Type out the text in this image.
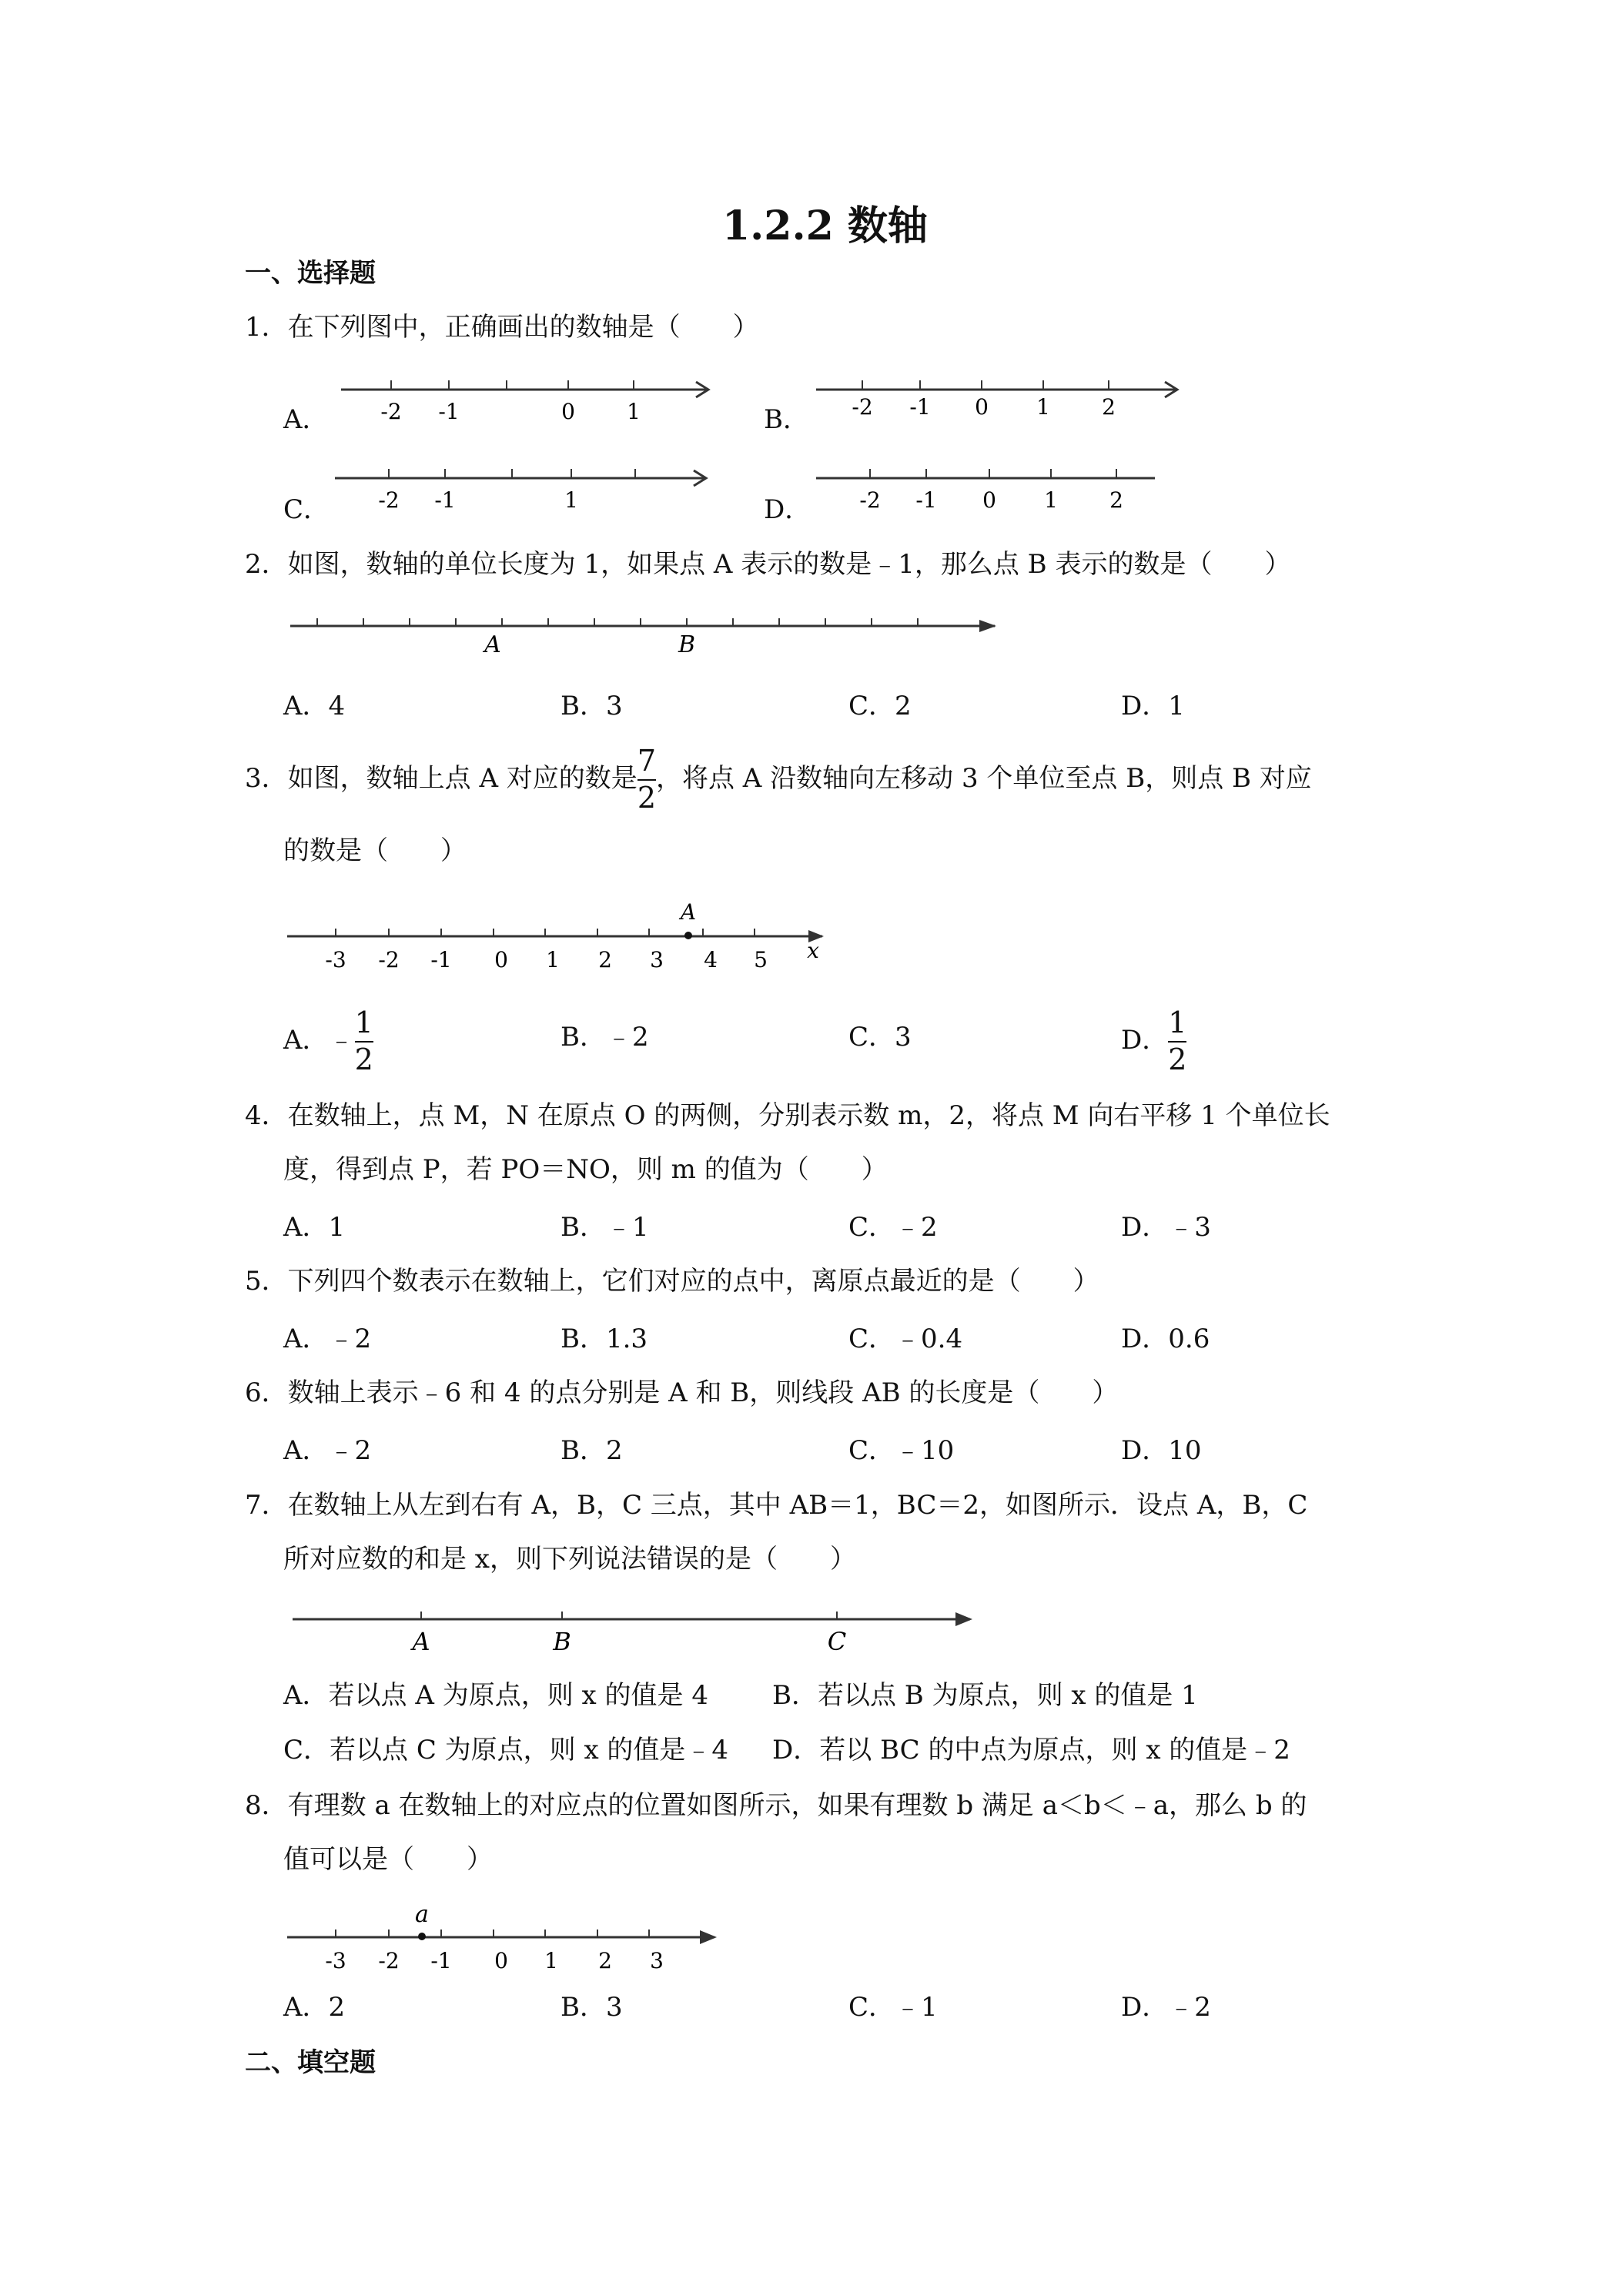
1.2.2 数轴
一、选择题
1．在下列图中，正确画出的数轴是（　　）
A．	B．
C．	D．
-2 -1	0 1	-2 -1 0 1 2
-2 -1	1	-2 -1 0 1 2
2．如图，数轴的单位长度为 1，如果点 A 表示的数是﹣1，那么点 B 表示的数是（　　）
A	B
A．4	B．3	C．2	D．1
3．如图，数轴上点 A 对应的数是 $\frac{7}{2}$ ，将点 A 沿数轴向左移动 3 个单位至点 B，则点 B 对应
的数是（　　）
A
-3 -2 -1 0 1 2 3 4 5 x
A．﹣ $\frac{1}{2}$	B．﹣2	C．3	D． $\frac{1}{2}$
4．在数轴上，点 M，N 在原点 O 的两侧，分别表示数 m，2，将点 M 向右平移 1 个单位长
度，得到点 P，若 PO＝NO，则 m 的值为（　　）
A．1	B．﹣1	C．﹣2	D．﹣3
5．下列四个数表示在数轴上，它们对应的点中，离原点最近的是（　　）
A．﹣2	B．1.3	C．﹣0.4	D．0.6
6．数轴上表示﹣6 和 4 的点分别是 A 和 B，则线段 AB 的长度是（　　）
A．﹣2	B．2	C．﹣10	D．10
7．在数轴上从左到右有 A，B，C 三点，其中 AB＝1，BC＝2，如图所示．设点 A，B，C
所对应数的和是 x，则下列说法错误的是（　　）
A	B	C
A．若以点 A 为原点，则 x 的值是 4 B．若以点 B 为原点，则 x 的值是 1
C．若以点 C 为原点，则 x 的值是﹣4 D．若以 BC 的中点为原点，则 x 的值是﹣2
8．有理数 a 在数轴上的对应点的位置如图所示，如果有理数 b 满足 a＜b＜﹣a，那么 b 的
值可以是（　　）
a
-3 -2 -1 0 1 2 3
A．2	B．3	C．﹣1	D．﹣2
二、填空题
